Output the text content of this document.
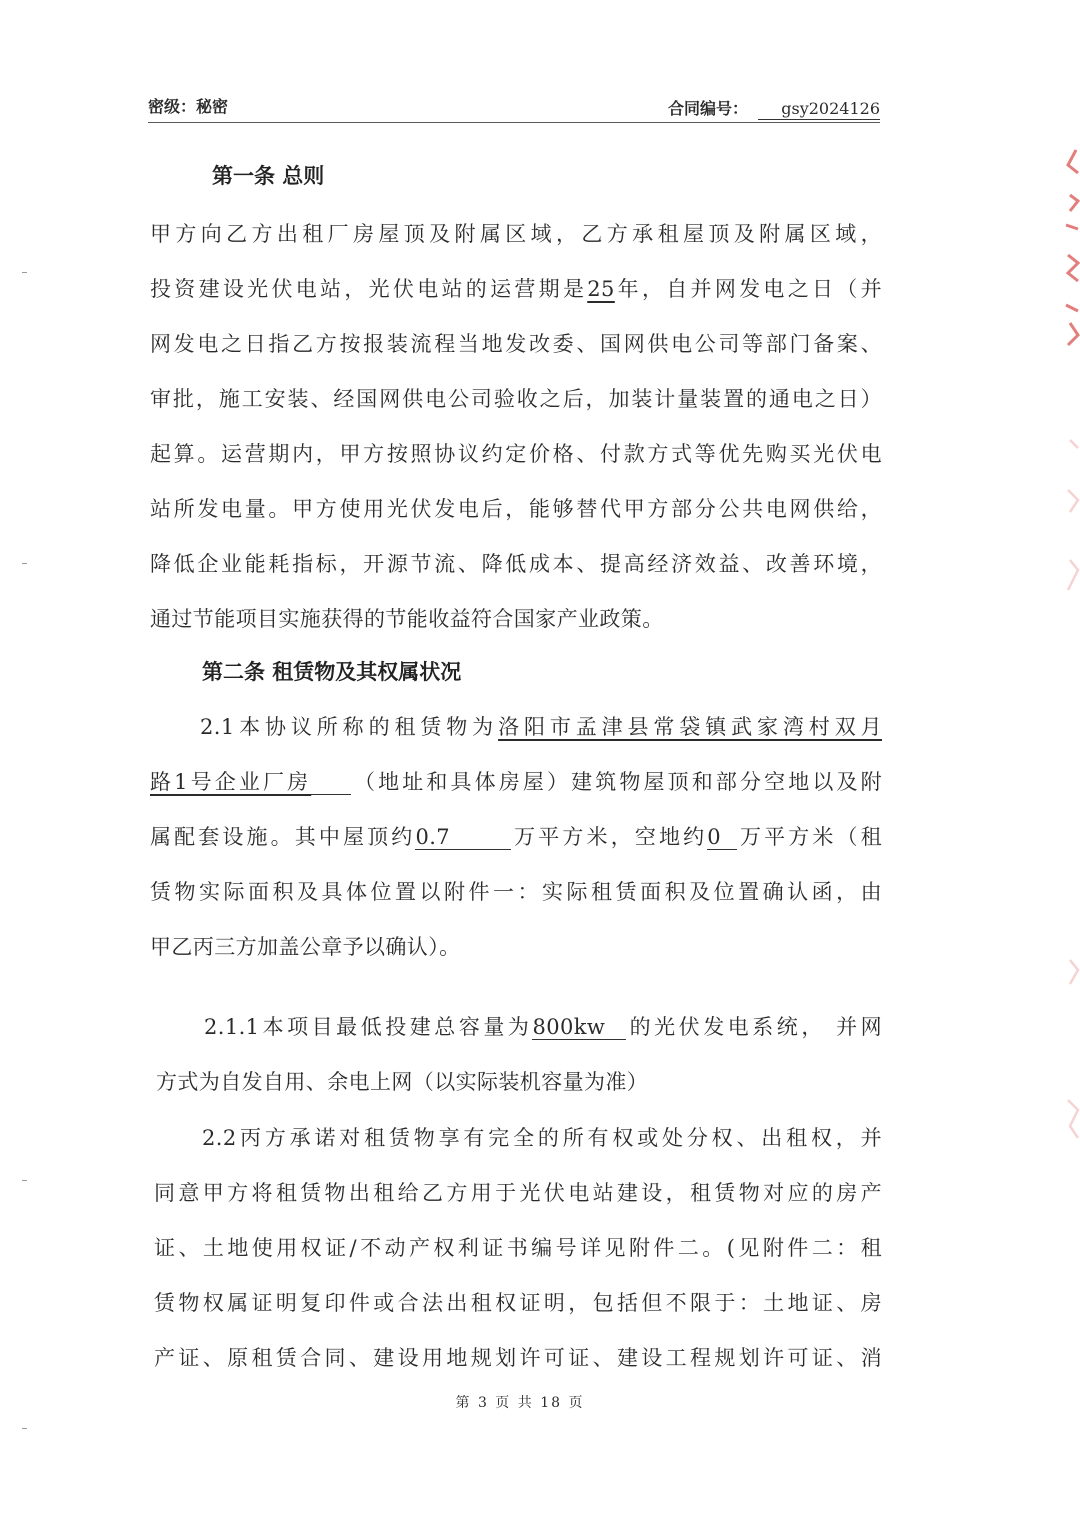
密级：秘密	合同编号： gsy2024126
第一条 总则
甲方向乙方出租厂房屋顶及附属区域，乙方承租屋顶及附属区域，
投资建设光伏电站，光伏电站的运营期是25年，自并网发电之日（并
网发电之日指乙方按报装流程当地发改委、国网供电公司等部门备案、
审批，施工安装、经国网供电公司验收之后，加装计量装置的通电之日）
起算。运营期内，甲方按照协议约定价格、付款方式等优先购买光伏电
站所发电量。甲方使用光伏发电后，能够替代甲方部分公共电网供给，
降低企业能耗指标，开源节流、降低成本、提高经济效益、改善环境，
通过节能项目实施获得的节能收益符合国家产业政策。
第二条 租赁物及其权属状况
2.1本协议所称的租赁物为洛阳市孟津县常袋镇武家湾村双月
路1号企业厂房 （地址和具体房屋）建筑物屋顶和部分空地以及附
属配套设施。其中屋顶约0.7	万平方米，空地约0 万平方米（租
赁物实际面积及具体位置以附件一：实际租赁面积及位置确认函，由
甲乙丙三方加盖公章予以确认）。
2.1.1本项目最低投建总容量为800kw 的光伏发电系统， 并网
方式为自发自用、余电上网（以实际装机容量为准）
2.2丙方承诺对租赁物享有完全的所有权或处分权、出租权，并
同意甲方将租赁物出租给乙方用于光伏电站建设，租赁物对应的房产
证、土地使用权证/不动产权利证书编号详见附件二。(见附件二：租
赁物权属证明复印件或合法出租权证明，包括但不限于：土地证、房
产证、原租赁合同、建设用地规划许可证、建设工程规划许可证、消
第 3 页 共 18 页
